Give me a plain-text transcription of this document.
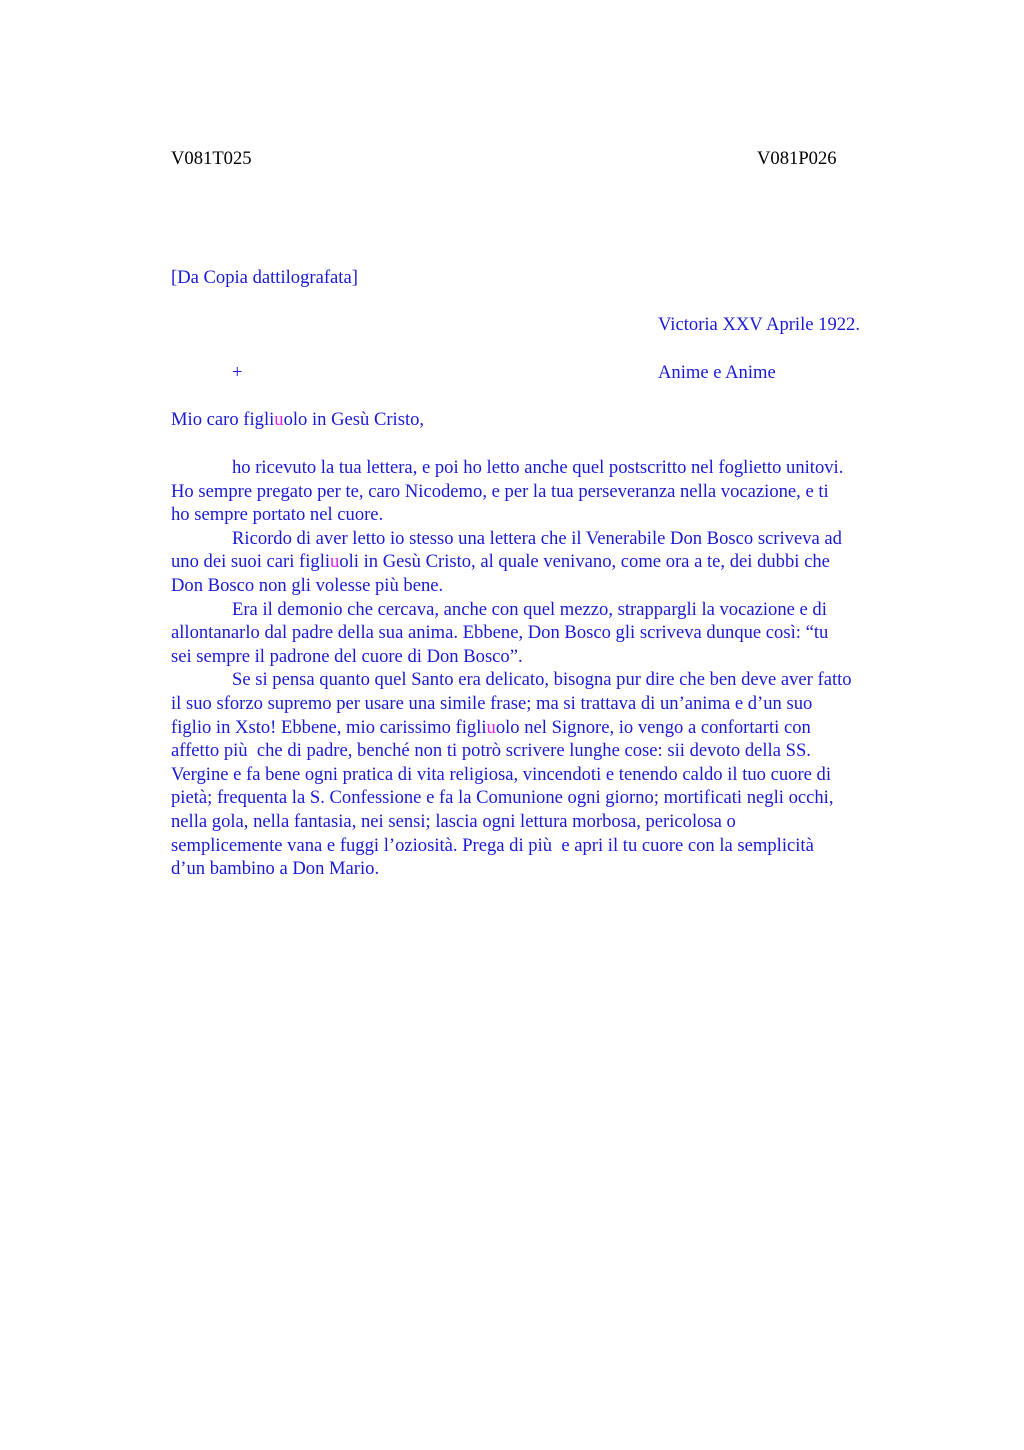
V081T025	V081P026
[Da Copia dattilografata]
Victoria XXV Aprile 1922.
+	Anime e Anime
Mio caro figliuolo in Gesù Cristo,
ho ricevuto la tua lettera, e poi ho letto anche quel postscritto nel foglietto unitovi.
Ho sempre pregato per te, caro Nicodemo, e per la tua perseveranza nella vocazione, e ti
ho sempre portato nel cuore.
Ricordo di aver letto io stesso una lettera che il Venerabile Don Bosco scriveva ad
uno dei suoi cari figliuoli in Gesù Cristo, al quale venivano, come ora a te, dei dubbi che
Don Bosco non gli volesse più bene.
Era il demonio che cercava, anche con quel mezzo, strappargli la vocazione e di
allontanarlo dal padre della sua anima. Ebbene, Don Bosco gli scriveva dunque così: “tu
sei sempre il padrone del cuore di Don Bosco”.
Se si pensa quanto quel Santo era delicato, bisogna pur dire che ben deve aver fatto
il suo sforzo supremo per usare una simile frase; ma si trattava di un’anima e d’un suo
figlio in Xsto! Ebbene, mio carissimo figliuolo nel Signore, io vengo a confortarti con
affetto più  che di padre, benché non ti potrò scrivere lunghe cose: sii devoto della SS.
Vergine e fa bene ogni pratica di vita religiosa, vincendoti e tenendo caldo il tuo cuore di
pietà; frequenta la S. Confessione e fa la Comunione ogni giorno; mortificati negli occhi,
nella gola, nella fantasia, nei sensi; lascia ogni lettura morbosa, pericolosa o
semplicemente vana e fuggi l’oziosità. Prega di più  e apri il tu cuore con la semplicità
d’un bambino a Don Mario.
